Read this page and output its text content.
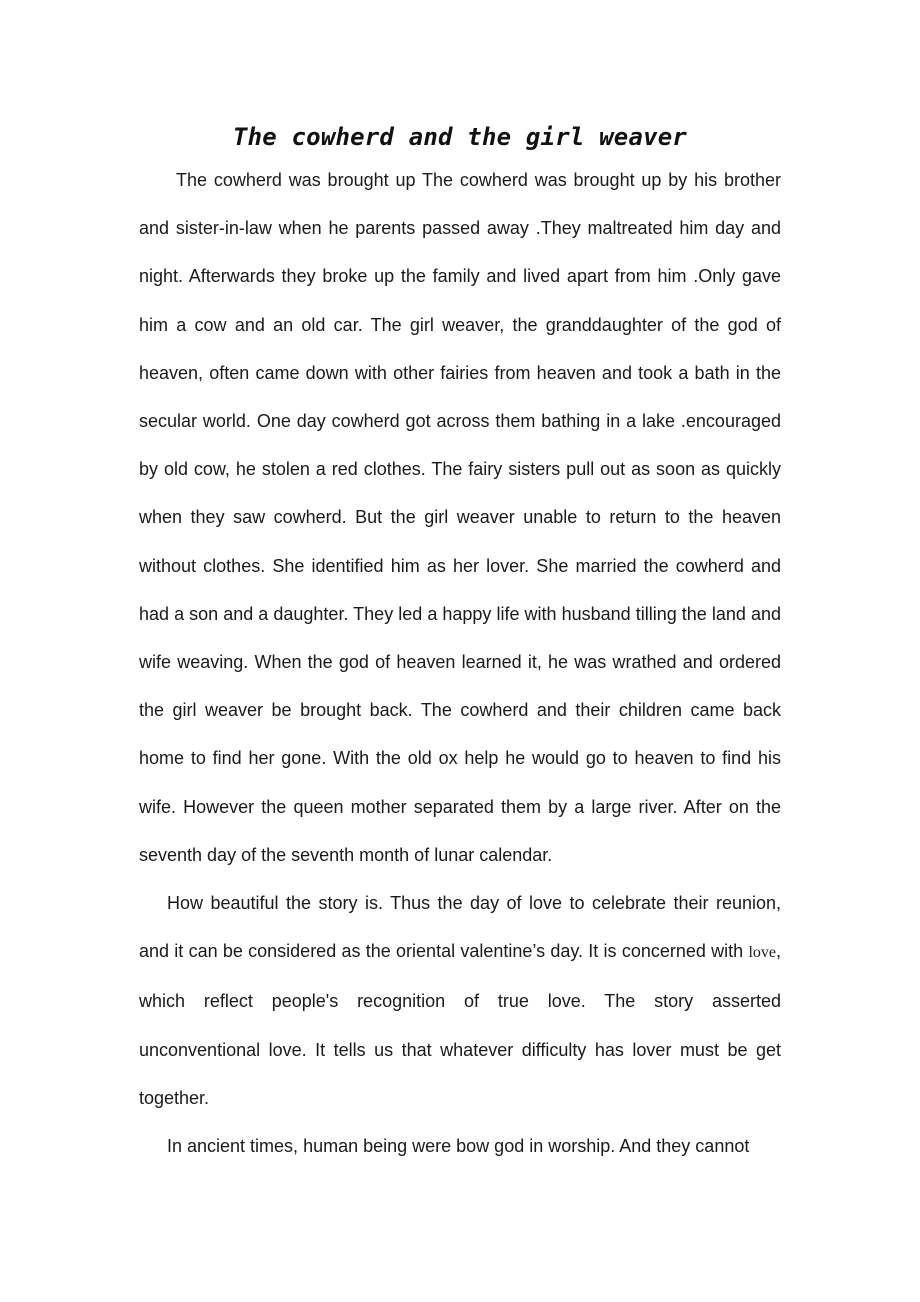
The cowherd and the girl weaver

The cowherd was brought up The cowherd was brought up by his brother and sister-in-law when he parents passed away .They maltreated him day and night. Afterwards they broke up the family and lived apart from him .Only gave him a cow and an old car. The girl weaver, the granddaughter of the god of heaven, often came down with other fairies from heaven and took a bath in the secular world. One day cowherd got across them bathing in a lake .encouraged by old cow, he stolen a red clothes. The fairy sisters pull out as soon as quickly when they saw cowherd. But the girl weaver unable to return to the heaven without clothes. She identified him as her lover. She married the cowherd and had a son and a daughter. They led a happy life with husband tilling the land and wife weaving. When the god of heaven learned it, he was wrathed and ordered the girl weaver be brought back. The cowherd and their children came back home to find her gone. With the old ox help he would go to heaven to find his wife. However the queen mother separated them by a large river. After on the seventh day of the seventh month of lunar calendar.

How beautiful the story is. Thus the day of love to celebrate their reunion, and it can be considered as the oriental valentine’s day. It is concerned with love, which reflect people's recognition of true love. The story asserted unconventional love. It tells us that whatever difficulty has lover must be get together.

In ancient times, human being were bow god in worship. And they cannot
